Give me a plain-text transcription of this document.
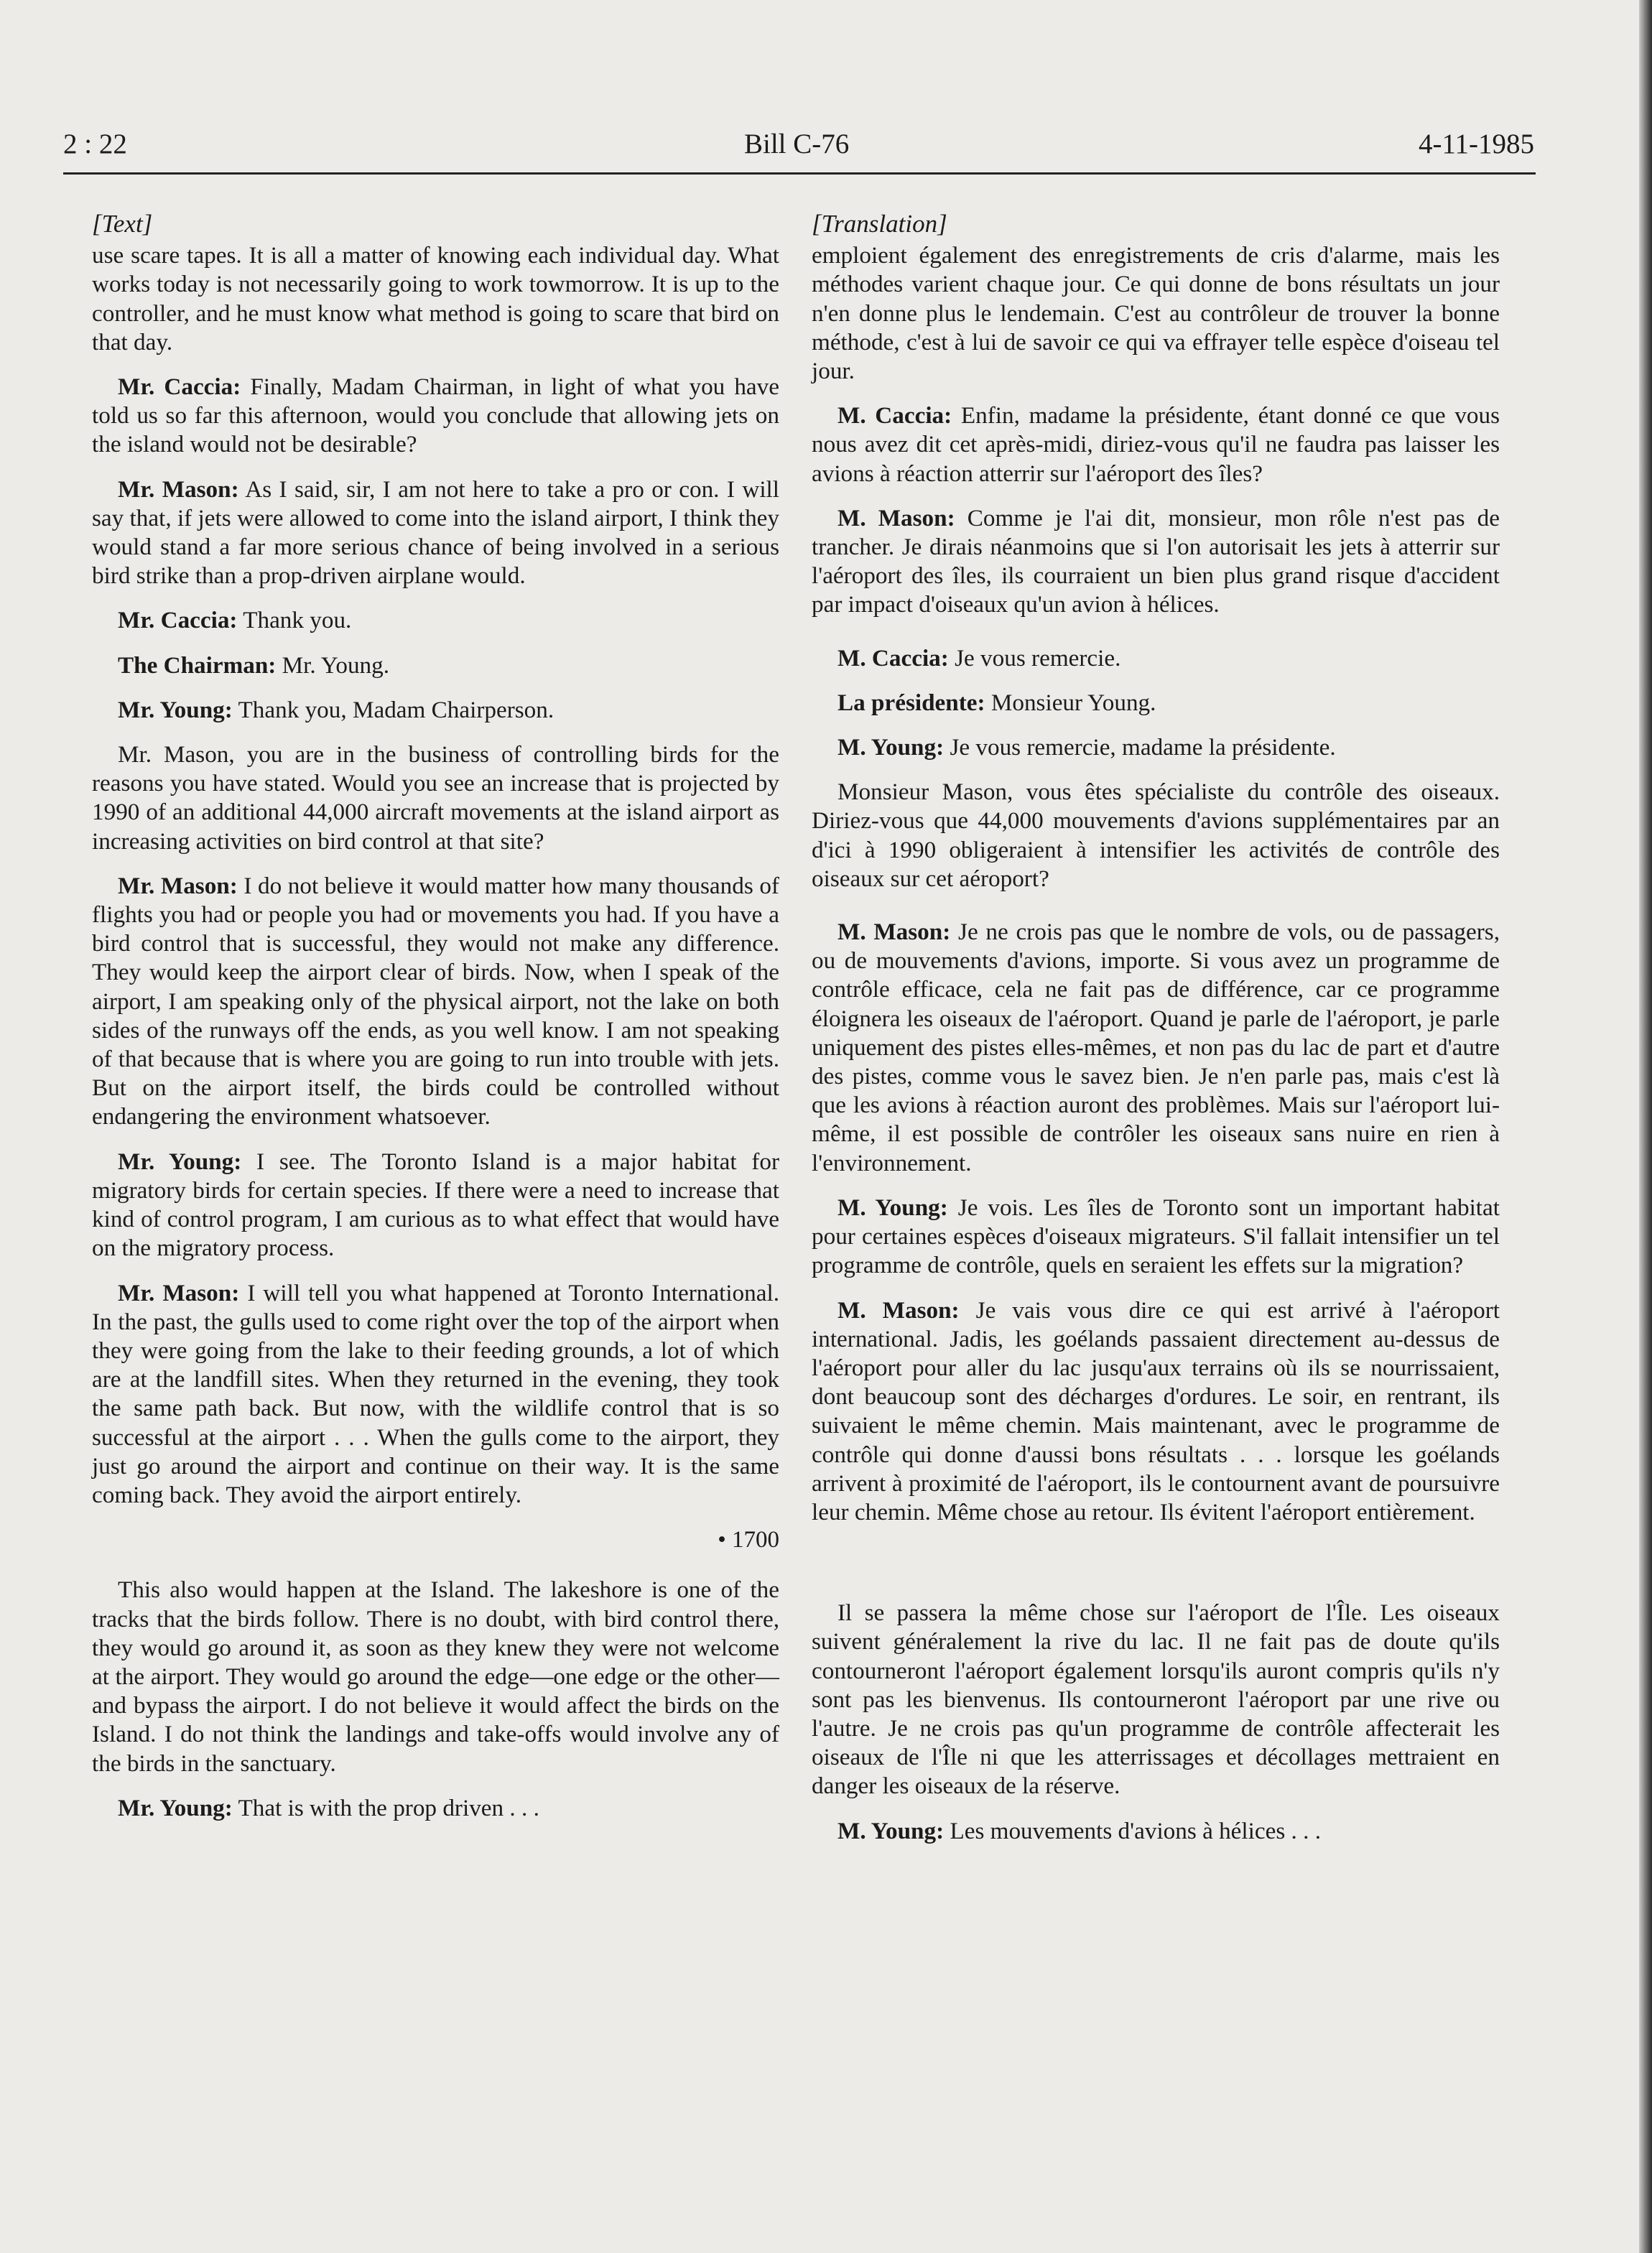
2 : 22	Bill C-76	4-11-1985
[Text]

use scare tapes. It is all a matter of knowing each individual day. What works today is not necessarily going to work towmorrow. It is up to the controller, and he must know what method is going to scare that bird on that day.

Mr. Caccia: Finally, Madam Chairman, in light of what you have told us so far this afternoon, would you conclude that allowing jets on the island would not be desirable?

Mr. Mason: As I said, sir, I am not here to take a pro or con. I will say that, if jets were allowed to come into the island airport, I think they would stand a far more serious chance of being involved in a serious bird strike than a prop-driven airplane would.

Mr. Caccia: Thank you.

The Chairman: Mr. Young.

Mr. Young: Thank you, Madam Chairperson.

Mr. Mason, you are in the business of controlling birds for the reasons you have stated. Would you see an increase that is projected by 1990 of an additional 44,000 aircraft movements at the island airport as increasing activities on bird control at that site?

Mr. Mason: I do not believe it would matter how many thousands of flights you had or people you had or movements you had. If you have a bird control that is successful, they would not make any difference. They would keep the airport clear of birds. Now, when I speak of the airport, I am speaking only of the physical airport, not the lake on both sides of the runways off the ends, as you well know. I am not speaking of that because that is where you are going to run into trouble with jets. But on the airport itself, the birds could be controlled without endangering the environment whatsoever.

Mr. Young: I see. The Toronto Island is a major habitat for migratory birds for certain species. If there were a need to increase that kind of control program, I am curious as to what effect that would have on the migratory process.

Mr. Mason: I will tell you what happened at Toronto International. In the past, the gulls used to come right over the top of the airport when they were going from the lake to their feeding grounds, a lot of which are at the landfill sites. When they returned in the evening, they took the same path back. But now, with the wildlife control that is so successful at the airport . . . When the gulls come to the airport, they just go around the airport and continue on their way. It is the same coming back. They avoid the airport entirely.

• 1700

This also would happen at the Island. The lakeshore is one of the tracks that the birds follow. There is no doubt, with bird control there, they would go around it, as soon as they knew they were not welcome at the airport. They would go around the edge—one edge or the other—and bypass the airport. I do not believe it would affect the birds on the Island. I do not think the landings and take-offs would involve any of the birds in the sanctuary.

Mr. Young: That is with the prop driven . . .

[Translation]

emploient également des enregistrements de cris d'alarme, mais les méthodes varient chaque jour. Ce qui donne de bons résultats un jour n'en donne plus le lendemain. C'est au contrôleur de trouver la bonne méthode, c'est à lui de savoir ce qui va effrayer telle espèce d'oiseau tel jour.

M. Caccia: Enfin, madame la présidente, étant donné ce que vous nous avez dit cet après-midi, diriez-vous qu'il ne faudra pas laisser les avions à réaction atterrir sur l'aéroport des îles?

M. Mason: Comme je l'ai dit, monsieur, mon rôle n'est pas de trancher. Je dirais néanmoins que si l'on autorisait les jets à atterrir sur l'aéroport des îles, ils courraient un bien plus grand risque d'accident par impact d'oiseaux qu'un avion à hélices.

M. Caccia: Je vous remercie.

La présidente: Monsieur Young.

M. Young: Je vous remercie, madame la présidente.

Monsieur Mason, vous êtes spécialiste du contrôle des oiseaux. Diriez-vous que 44,000 mouvements d'avions supplémentaires par an d'ici à 1990 obligeraient à intensifier les activités de contrôle des oiseaux sur cet aéroport?

M. Mason: Je ne crois pas que le nombre de vols, ou de passagers, ou de mouvements d'avions, importe. Si vous avez un programme de contrôle efficace, cela ne fait pas de différence, car ce programme éloignera les oiseaux de l'aéroport. Quand je parle de l'aéroport, je parle uniquement des pistes elles-mêmes, et non pas du lac de part et d'autre des pistes, comme vous le savez bien. Je n'en parle pas, mais c'est là que les avions à réaction auront des problèmes. Mais sur l'aéroport lui-même, il est possible de contrôler les oiseaux sans nuire en rien à l'environnement.

M. Young: Je vois. Les îles de Toronto sont un important habitat pour certaines espèces d'oiseaux migrateurs. S'il fallait intensifier un tel programme de contrôle, quels en seraient les effets sur la migration?

M. Mason: Je vais vous dire ce qui est arrivé à l'aéroport international. Jadis, les goélands passaient directement au-dessus de l'aéroport pour aller du lac jusqu'aux terrains où ils se nourrissaient, dont beaucoup sont des décharges d'ordures. Le soir, en rentrant, ils suivaient le même chemin. Mais maintenant, avec le programme de contrôle qui donne d'aussi bons résultats . . . lorsque les goélands arrivent à proximité de l'aéroport, ils le contournent avant de poursuivre leur chemin. Même chose au retour. Ils évitent l'aéroport entièrement.

Il se passera la même chose sur l'aéroport de l'Île. Les oiseaux suivent généralement la rive du lac. Il ne fait pas de doute qu'ils contourneront l'aéroport également lorsqu'ils auront compris qu'ils n'y sont pas les bienvenus. Ils contourneront l'aéroport par une rive ou l'autre. Je ne crois pas qu'un programme de contrôle affecterait les oiseaux de l'Île ni que les atterrissages et décollages mettraient en danger les oiseaux de la réserve.

M. Young: Les mouvements d'avions à hélices . . .
